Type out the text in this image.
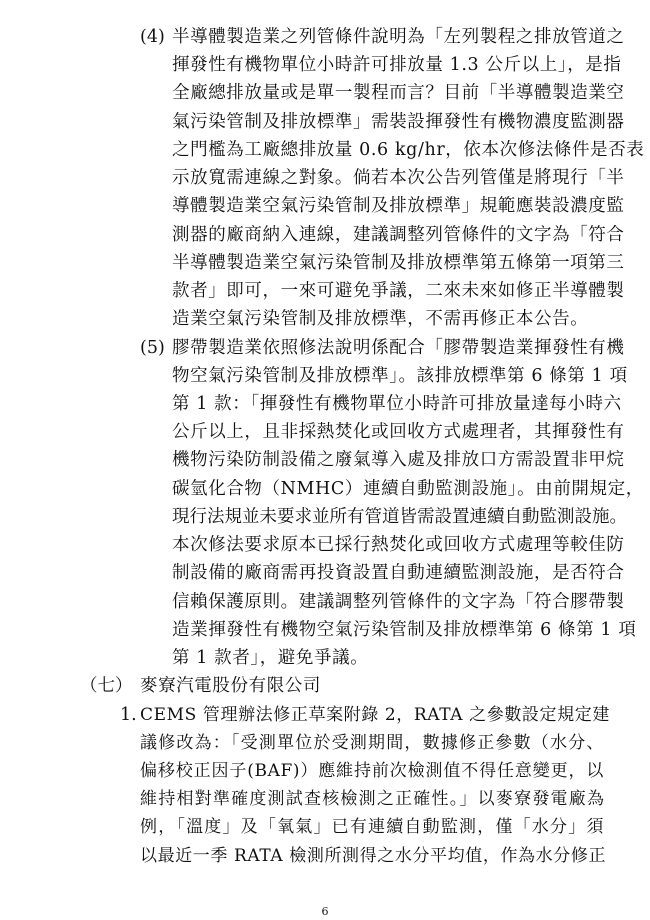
(4) 半導體製造業之列管條件說明為「左列製程之排放管道之
揮發性有機物單位小時許可排放量 1.3 公斤以上」，是指
全廠總排放量或是單一製程而言？目前「半導體製造業空
氣污染管制及排放標準」需裝設揮發性有機物濃度監測器
之門檻為工廠總排放量 0.6 kg/hr，依本次修法條件是否表
示放寬需連線之對象。倘若本次公告列管僅是將現行「半
導體製造業空氣污染管制及排放標準」規範應裝設濃度監
測器的廠商納入連線，建議調整列管條件的文字為「符合
半導體製造業空氣污染管制及排放標準第五條第一項第三
款者」即可，一來可避免爭議，二來未來如修正半導體製
造業空氣污染管制及排放標準，不需再修正本公告。
(5) 膠帶製造業依照修法說明係配合「膠帶製造業揮發性有機
物空氣污染管制及排放標準」。該排放標準第 6 條第 1 項
第 1 款：「揮發性有機物單位小時許可排放量達每小時六
公斤以上，且非採熱焚化或回收方式處理者，其揮發性有
機物污染防制設備之廢氣導入處及排放口方需設置非甲烷
碳氫化合物（NMHC）連續自動監測設施」。由前開規定，
現行法規並未要求並所有管道皆需設置連續自動監測設施。
本次修法要求原本已採行熱焚化或回收方式處理等較佳防
制設備的廠商需再投資設置自動連續監測設施，是否符合
信賴保護原則。建議調整列管條件的文字為「符合膠帶製
造業揮發性有機物空氣污染管制及排放標準第 6 條第 1 項
第 1 款者」，避免爭議。
（七） 麥寮汽電股份有限公司
1. CEMS 管理辦法修正草案附錄 2，RATA 之參數設定規定建
議修改為：「受測單位於受測期間，數據修正參數（水分、
偏移校正因子(BAF)）應維持前次檢測值不得任意變更，以
維持相對準確度測試查核檢測之正確性。」以麥寮發電廠為
6
例，「溫度」及「氧氣」已有連續自動監測，僅「水分」須
以最近一季 RATA 檢測所測得之水分平均值，作為水分修正
